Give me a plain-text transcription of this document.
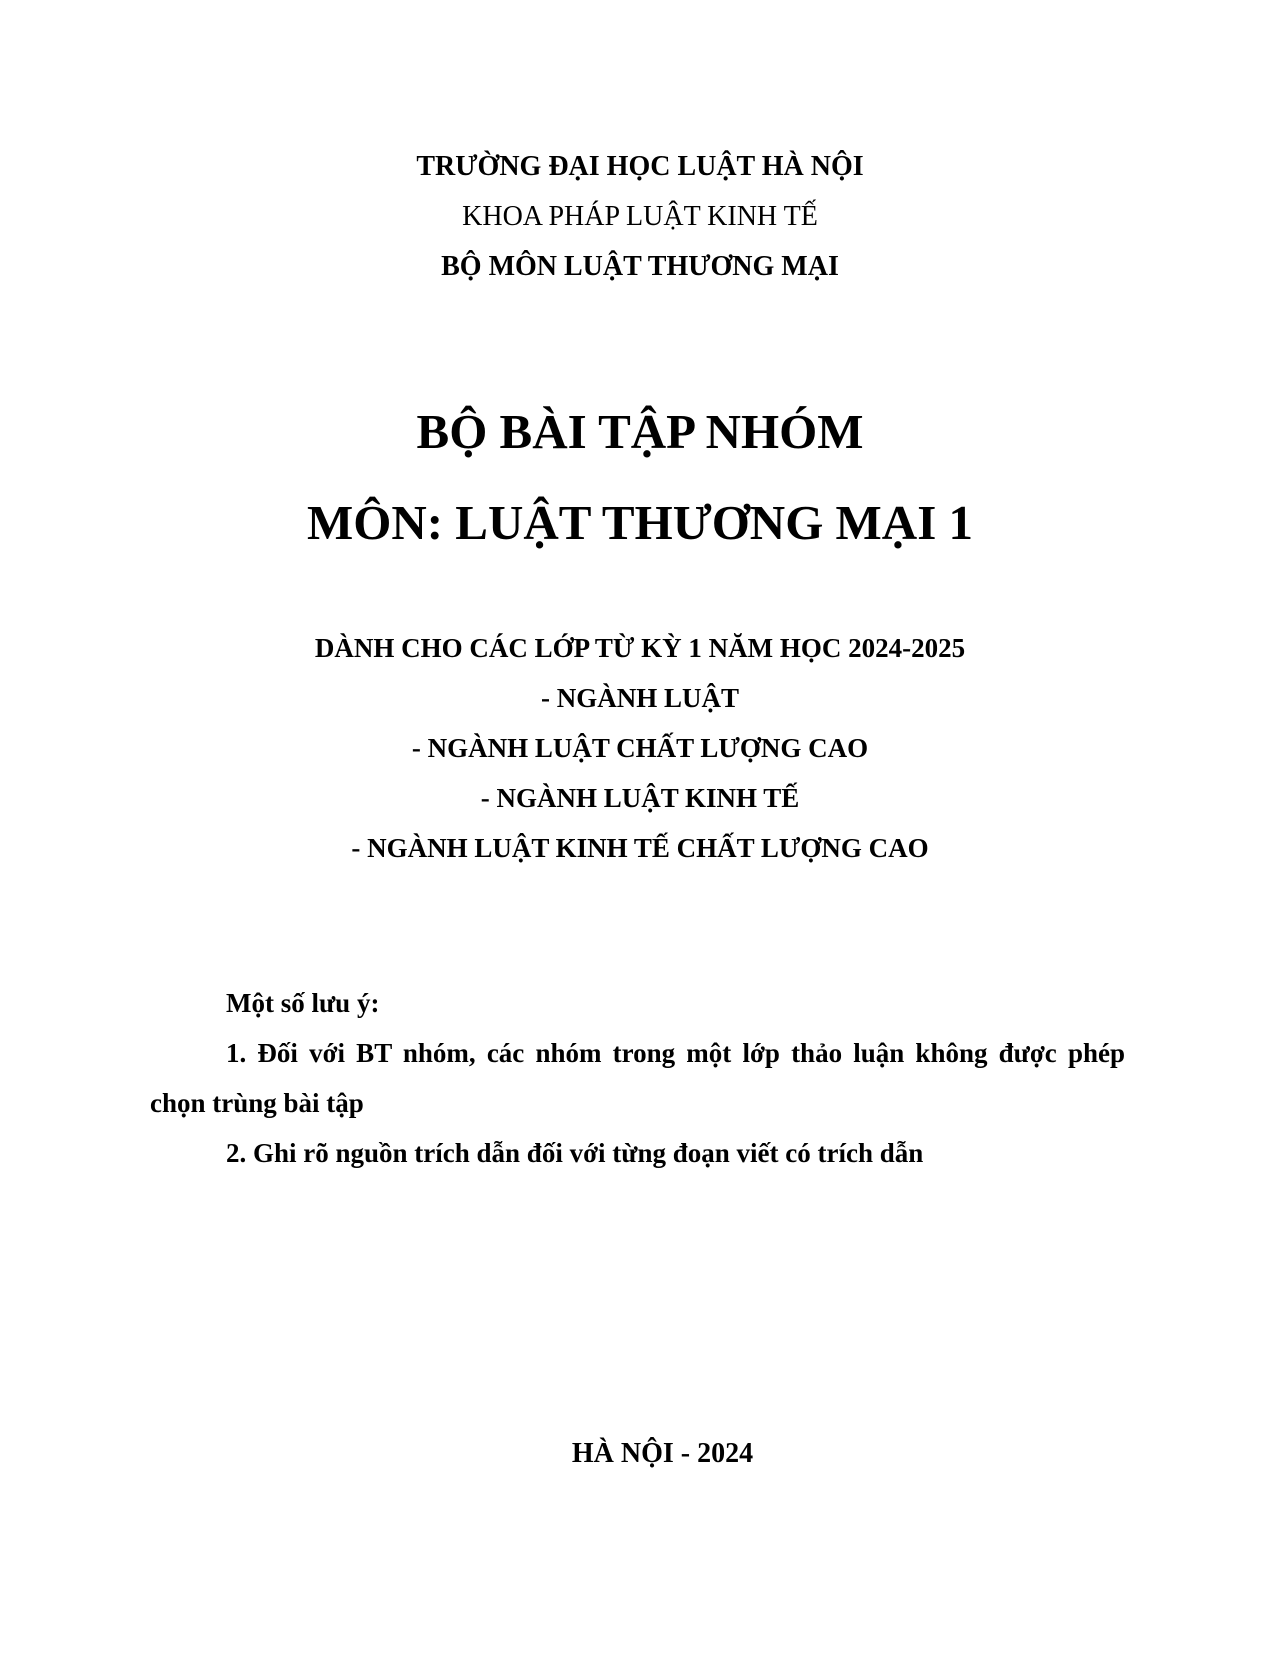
TRƯỜNG ĐẠI HỌC LUẬT HÀ NỘI
KHOA PHÁP LUẬT KINH TẾ
BỘ MÔN LUẬT THƯƠNG MẠI
BỘ BÀI TẬP NHÓM
MÔN: LUẬT THƯƠNG MẠI 1
DÀNH CHO CÁC LỚP TỪ KỲ 1 NĂM HỌC 2024-2025
- NGÀNH LUẬT
- NGÀNH LUẬT CHẤT LƯỢNG CAO
- NGÀNH LUẬT KINH TẾ
- NGÀNH LUẬT KINH TẾ CHẤT LƯỢNG CAO

Một số lưu ý:

1. Đối với BT nhóm, các nhóm trong một lớp thảo luận không được phép chọn trùng bài tập

2. Ghi rõ nguồn trích dẫn đối với từng đoạn viết có trích dẫn

HÀ NỘI - 2024
